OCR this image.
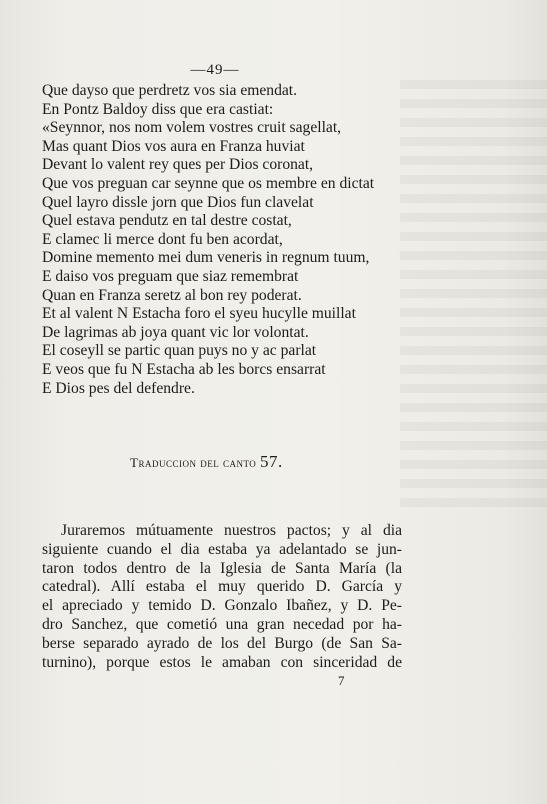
—49—
Que dayso que perdretz vos sia emendat.
En Pontz Baldoy diss que era castiat:
«Seynnor, nos nom volem vostres cruit sagellat,
Mas quant Dios vos aura en Franza huviat
Devant lo valent rey ques per Dios coronat,
Que vos preguan car seynne que os membre en dictat
Quel layro dissle jorn que Dios fun clavelat
Quel estava pendutz en tal destre costat,
E clamec li merce dont fu ben acordat,
Domine memento mei dum veneris in regnum tuum,
E daiso vos preguam que siaz remembrat
Quan en Franza seretz al bon rey poderat.
Et al valent N Estacha foro el syeu hucylle muillat
De lagrimas ab joya quant vic lor volontat.
El coseyll se partic quan puys no y ac parlat
E veos que fu N Estacha ab les borcs ensarrat
E Dios pes del defendre.
Traduccion del canto 57.
Juraremos mútuamente nuestros pactos; y al dia
siguiente cuando el dia estaba ya adelantado se jun-
taron todos dentro de la Iglesia de Santa María (la
catedral). Allí estaba el muy querido D. García y
el apreciado y temido D. Gonzalo Ibañez, y D. Pe-
dro Sanchez, que cometió una gran necedad por ha-
berse separado ayrado de los del Burgo (de San Sa-
turnino), porque estos le amaban con sinceridad de
7
